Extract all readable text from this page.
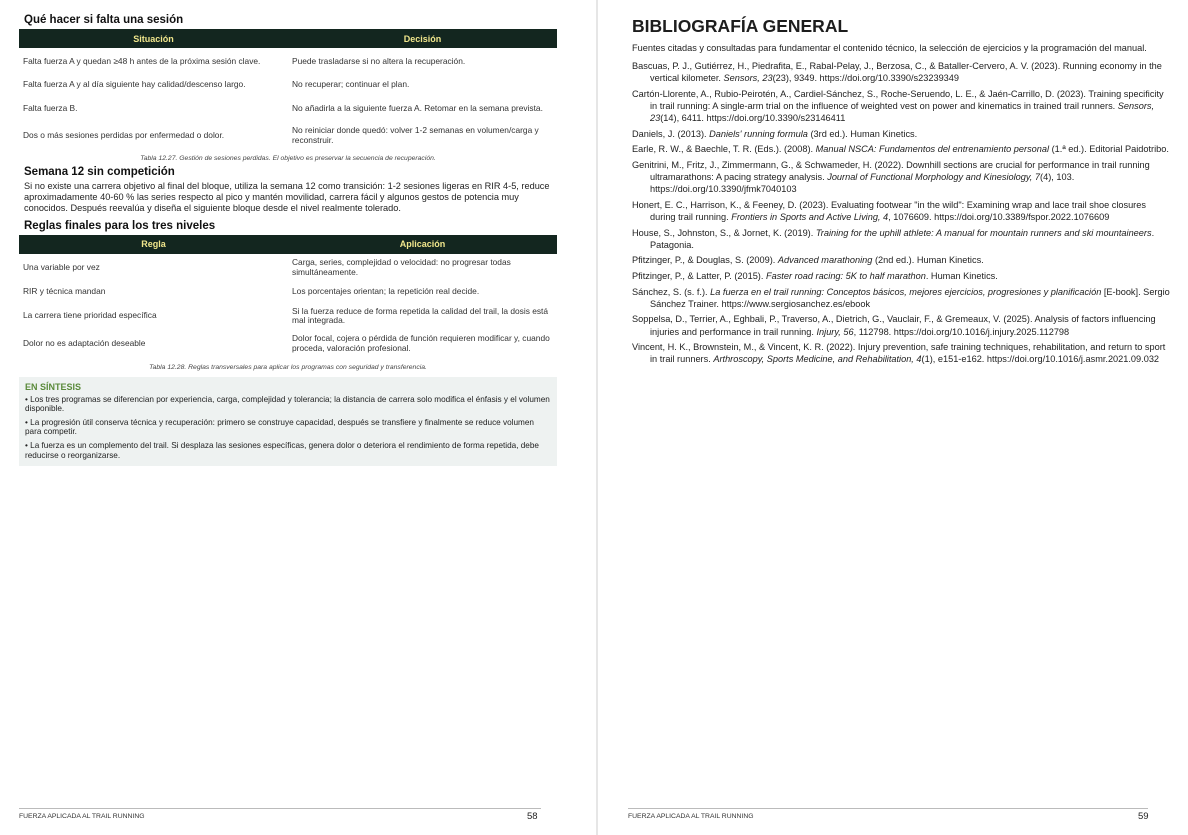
Qué hacer si falta una sesión
Situación	Decisión
Falta fuerza A y quedan ≥48 h antes de la próxima sesión clave.	Puede trasladarse si no altera la recuperación.
Falta fuerza A y al día siguiente hay calidad/descenso largo.	No recuperar; continuar el plan.
Falta fuerza B.	No añadirla a la siguiente fuerza A. Retomar en la semana prevista.
Dos o más sesiones perdidas por enfermedad o dolor.	No reiniciar donde quedó: volver 1-2 semanas en volumen/carga y reconstruir.
Tabla 12.27. Gestión de sesiones perdidas. El objetivo es preservar la secuencia de recuperación.
Semana 12 sin competición

Si no existe una carrera objetivo al final del bloque, utiliza la semana 12 como transición: 1-2 sesiones ligeras en RIR 4-5, reduce aproximadamente 40-60 % las series respecto al pico y mantén movilidad, carrera fácil y algunos gestos de potencia muy conocidos. Después reevalúa y diseña el siguiente bloque desde el nivel realmente tolerado.

Reglas finales para los tres niveles
Regla	Aplicación
Una variable por vez	Carga, series, complejidad o velocidad: no progresar todas simultáneamente.
RIR y técnica mandan	Los porcentajes orientan; la repetición real decide.
La carrera tiene prioridad específica	Si la fuerza reduce de forma repetida la calidad del trail, la dosis está mal integrada.
Dolor no es adaptación deseable	Dolor focal, cojera o pérdida de función requieren modificar y, cuando proceda, valoración profesional.
Tabla 12.28. Reglas transversales para aplicar los programas con seguridad y transferencia.
EN SÍNTESIS
• Los tres programas se diferencian por experiencia, carga, complejidad y tolerancia; la distancia de carrera solo modifica el énfasis y el volumen disponible.
• La progresión útil conserva técnica y recuperación: primero se construye capacidad, después se transfiere y finalmente se reduce volumen para competir.
• La fuerza es un complemento del trail. Si desplaza las sesiones específicas, genera dolor o deteriora el rendimiento de forma repetida, debe reducirse o reorganizarse.
FUERZA APLICADA AL TRAIL RUNNING	58
BIBLIOGRAFÍA GENERAL

Fuentes citadas y consultadas para fundamentar el contenido técnico, la selección de ejercicios y la programación del manual.

Bascuas, P. J., Gutiérrez, H., Piedrafita, E., Rabal-Pelay, J., Berzosa, C., & Bataller-Cervero, A. V. (2023). Running economy in the vertical kilometer. Sensors, 23(23), 9349. https://doi.org/10.3390/s23239349
Cartón-Llorente, A., Rubio-Peirotén, A., Cardiel-Sánchez, S., Roche-Seruendo, L. E., & Jaén-Carrillo, D. (2023). Training specificity in trail running: A single-arm trial on the influence of weighted vest on power and kinematics in trained trail runners. Sensors, 23(14), 6411. https://doi.org/10.3390/s23146411
Daniels, J. (2013). Daniels' running formula (3rd ed.). Human Kinetics.
Earle, R. W., & Baechle, T. R. (Eds.). (2008). Manual NSCA: Fundamentos del entrenamiento personal (1.ª ed.). Editorial Paidotribo.
Genitrini, M., Fritz, J., Zimmermann, G., & Schwameder, H. (2022). Downhill sections are crucial for performance in trail running ultramarathons: A pacing strategy analysis. Journal of Functional Morphology and Kinesiology, 7(4), 103. https://doi.org/10.3390/jfmk7040103
Honert, E. C., Harrison, K., & Feeney, D. (2023). Evaluating footwear "in the wild": Examining wrap and lace trail shoe closures during trail running. Frontiers in Sports and Active Living, 4, 1076609. https://doi.org/10.3389/fspor.2022.1076609
House, S., Johnston, S., & Jornet, K. (2019). Training for the uphill athlete: A manual for mountain runners and ski mountaineers. Patagonia.
Pfitzinger, P., & Douglas, S. (2009). Advanced marathoning (2nd ed.). Human Kinetics.
Pfitzinger, P., & Latter, P. (2015). Faster road racing: 5K to half marathon. Human Kinetics.
Sánchez, S. (s. f.). La fuerza en el trail running: Conceptos básicos, mejores ejercicios, progresiones y planificación [E-book]. Sergio Sánchez Trainer. https://www.sergiosanchez.es/ebook
Soppelsa, D., Terrier, A., Eghbali, P., Traverso, A., Dietrich, G., Vauclair, F., & Gremeaux, V. (2025). Analysis of factors influencing injuries and performance in trail running. Injury, 56, 112798. https://doi.org/10.1016/j.injury.2025.112798
Vincent, H. K., Brownstein, M., & Vincent, K. R. (2022). Injury prevention, safe training techniques, rehabilitation, and return to sport in trail runners. Arthroscopy, Sports Medicine, and Rehabilitation, 4(1), e151-e162. https://doi.org/10.1016/j.asmr.2021.09.032
FUERZA APLICADA AL TRAIL RUNNING	59
